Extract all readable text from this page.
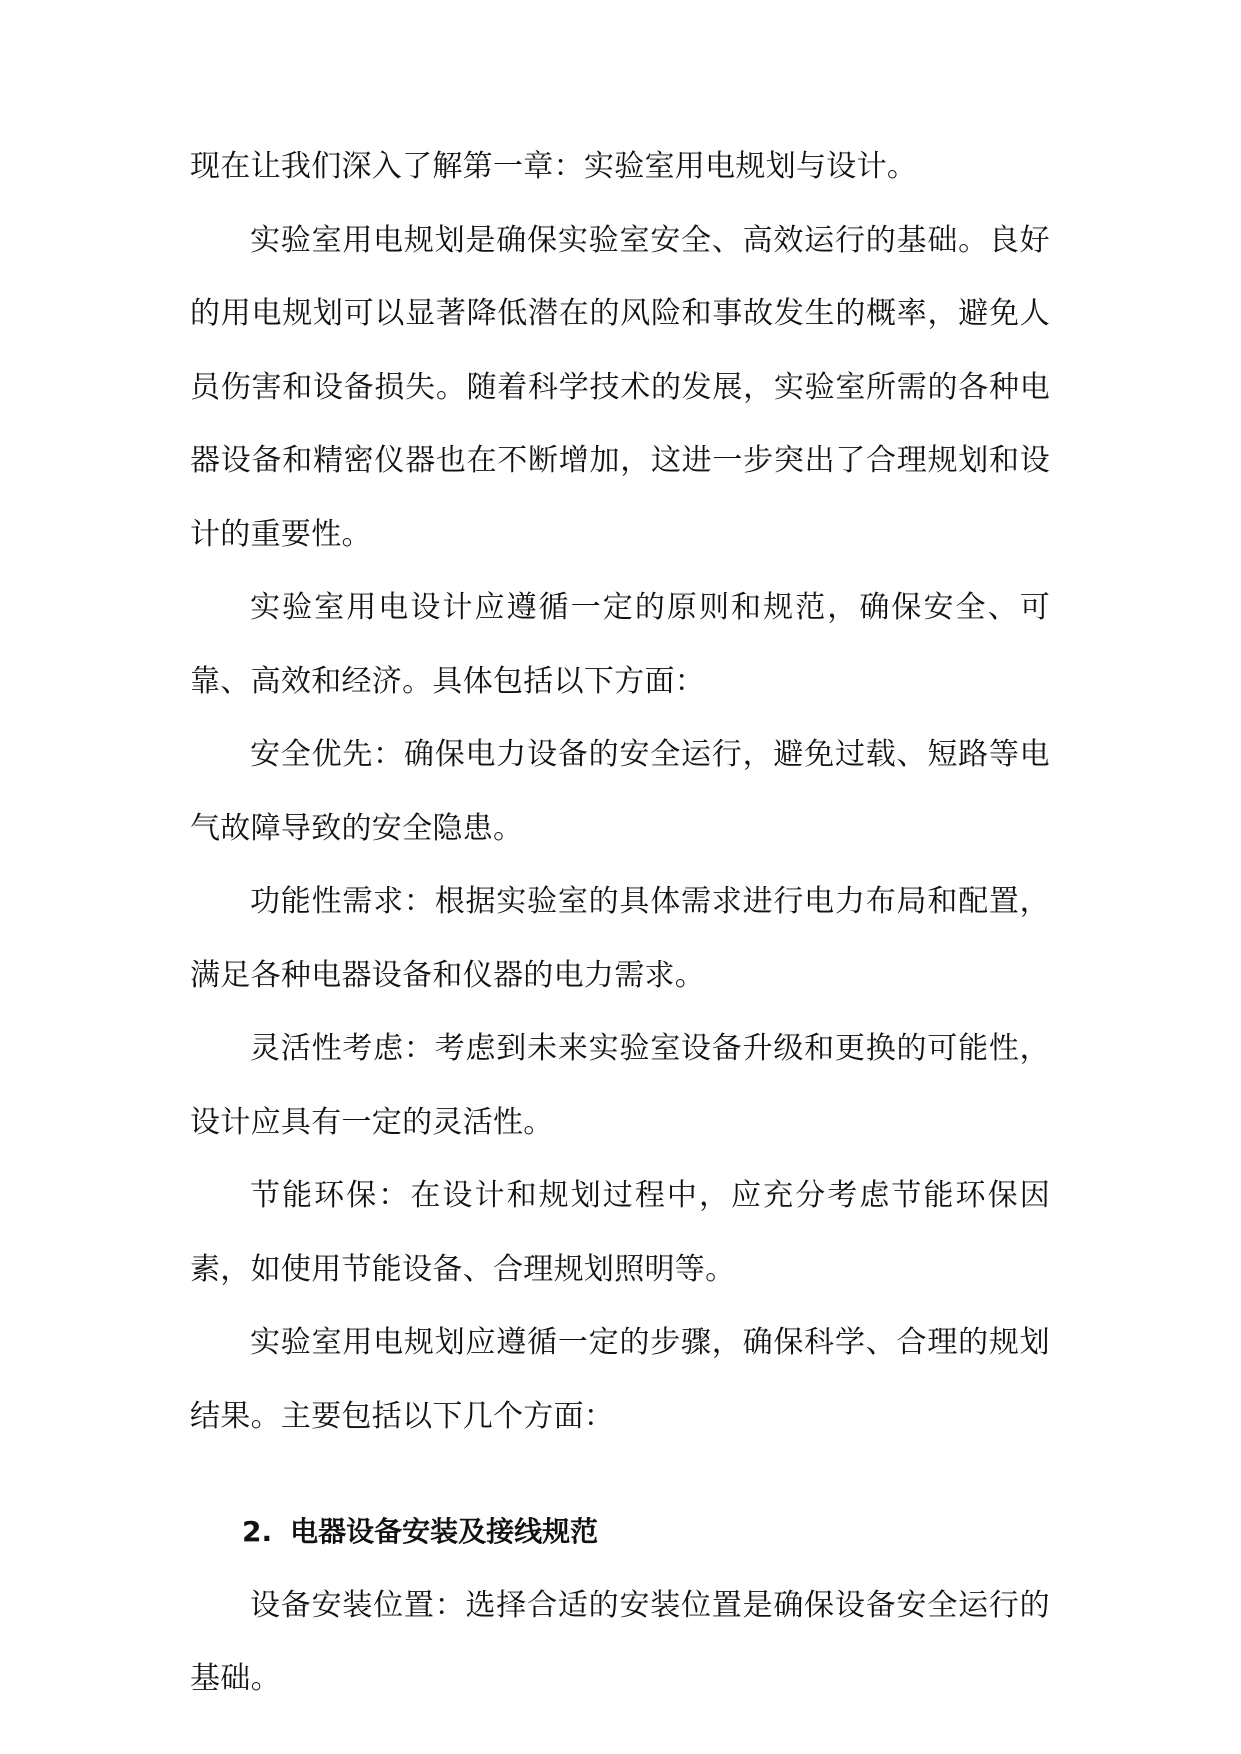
现在让我们深入了解第一章：实验室用电规划与设计。

实验室用电规划是确保实验室安全、高效运行的基础。良好的用电规划可以显著降低潜在的风险和事故发生的概率，避免人员伤害和设备损失。随着科学技术的发展，实验室所需的各种电器设备和精密仪器也在不断增加，这进一步突出了合理规划和设计的重要性。

实验室用电设计应遵循一定的原则和规范，确保安全、可靠、高效和经济。具体包括以下方面：

安全优先：确保电力设备的安全运行，避免过载、短路等电气故障导致的安全隐患。

功能性需求：根据实验室的具体需求进行电力布局和配置，满足各种电器设备和仪器的电力需求。

灵活性考虑：考虑到未来实验室设备升级和更换的可能性，设计应具有一定的灵活性。

节能环保：在设计和规划过程中，应充分考虑节能环保因素，如使用节能设备、合理规划照明等。

实验室用电规划应遵循一定的步骤，确保科学、合理的规划结果。主要包括以下几个方面：

2. 电器设备安装及接线规范

设备安装位置：选择合适的安装位置是确保设备安全运行的基础。
